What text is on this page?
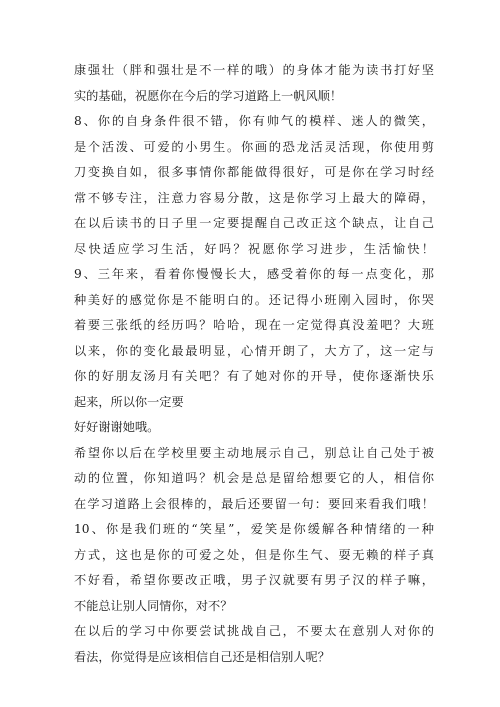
康强壮（胖和强壮是不一样的哦）的身体才能为读书打好坚
实的基础，祝愿你在今后的学习道路上一帆风顺！
8、你的自身条件很不错，你有帅气的模样、迷人的微笑，
是个活泼、可爱的小男生。你画的恐龙活灵活现，你使用剪
刀变换自如，很多事情你都能做得很好，可是你在学习时经
常不够专注，注意力容易分散，这是你学习上最大的障碍，
在以后读书的日子里一定要提醒自己改正这个缺点，让自己
尽快适应学习生活，好吗？祝愿你学习进步，生活愉快！
9、三年来，看着你慢慢长大，感受着你的每一点变化，那
种美好的感觉你是不能明白的。还记得小班刚入园时，你哭
着要三张纸的经历吗？哈哈，现在一定觉得真没羞吧？大班
以来，你的变化最最明显，心情开朗了，大方了，这一定与
你的好朋友汤月有关吧？有了她对你的开导，使你逐渐快乐
起来，所以你一定要
好好谢谢她哦。
希望你以后在学校里要主动地展示自己，别总让自己处于被
动的位置，你知道吗？机会是总是留给想要它的人，相信你
在学习道路上会很棒的，最后还要留一句：要回来看我们哦！
10、你是我们班的“笑星”，爱笑是你缓解各种情绪的一种
方式，这也是你的可爱之处，但是你生气、耍无赖的样子真
不好看，希望你要改正哦，男子汉就要有男子汉的样子嘛，
不能总让别人同情你，对不？
在以后的学习中你要尝试挑战自己，不要太在意别人对你的
看法，你觉得是应该相信自己还是相信别人呢？
